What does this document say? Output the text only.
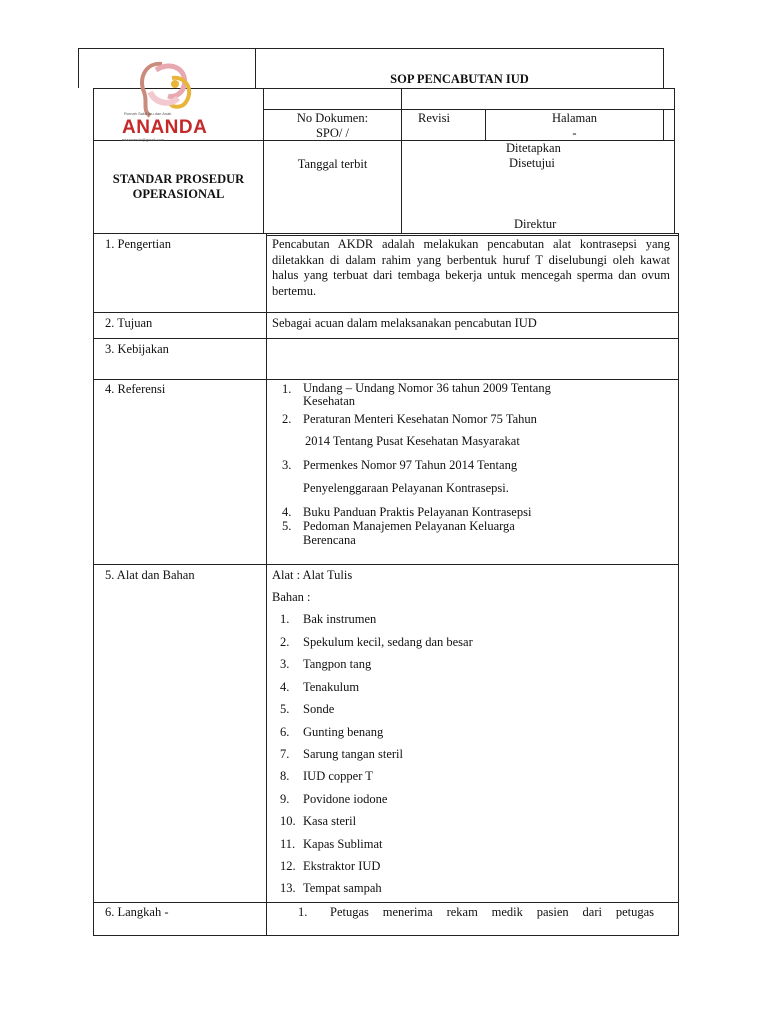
Rumah Sakit Ibu dan Anak
ANANDA
rsiaananda@gmail.com
SOP PENCABUTAN IUD
No Dokumen:
SPO/ /
Revisi	Halaman
-
STANDAR PROSEDUR
OPERASIONAL
Tanggal terbit
Ditetapkan
Disetujui
Direktur
1. Pengertian	Pencabutan AKDR adalah melakukan pencabutan alat kontrasepsi yang diletakkan di dalam rahim yang berbentuk huruf T diselubungi oleh kawat halus yang terbuat dari tembaga bekerja untuk mencegah sperma dan ovum bertemu.
2. Tujuan	Sebagai acuan dalam melaksanakan pencabutan IUD
3. Kebijakan
4. Referensi	1. Undang – Undang Nomor 36 tahun 2009 Tentang
Kesehatan
2. Peraturan Menteri Kesehatan Nomor 75 Tahun
2014 Tentang Pusat Kesehatan Masyarakat
3. Permenkes Nomor 97 Tahun 2014 Tentang
Penyelenggaraan Pelayanan Kontrasepsi.
4. Buku Panduan Praktis Pelayanan Kontrasepsi
5. Pedoman Manajemen Pelayanan Keluarga
Berencana
5. Alat dan Bahan	Alat : Alat Tulis
Bahan :
1. Bak instrumen
2. Spekulum kecil, sedang dan besar
3. Tangpon tang
4. Tenakulum
5. Sonde
6. Gunting benang
7. Sarung tangan steril
8. IUD copper T
9. Povidone iodone
10. Kasa steril
11. Kapas Sublimat
12. Ekstraktor IUD
13. Tempat sampah
6. Langkah -	1. Petugas menerima rekam medik pasien dari petugas
